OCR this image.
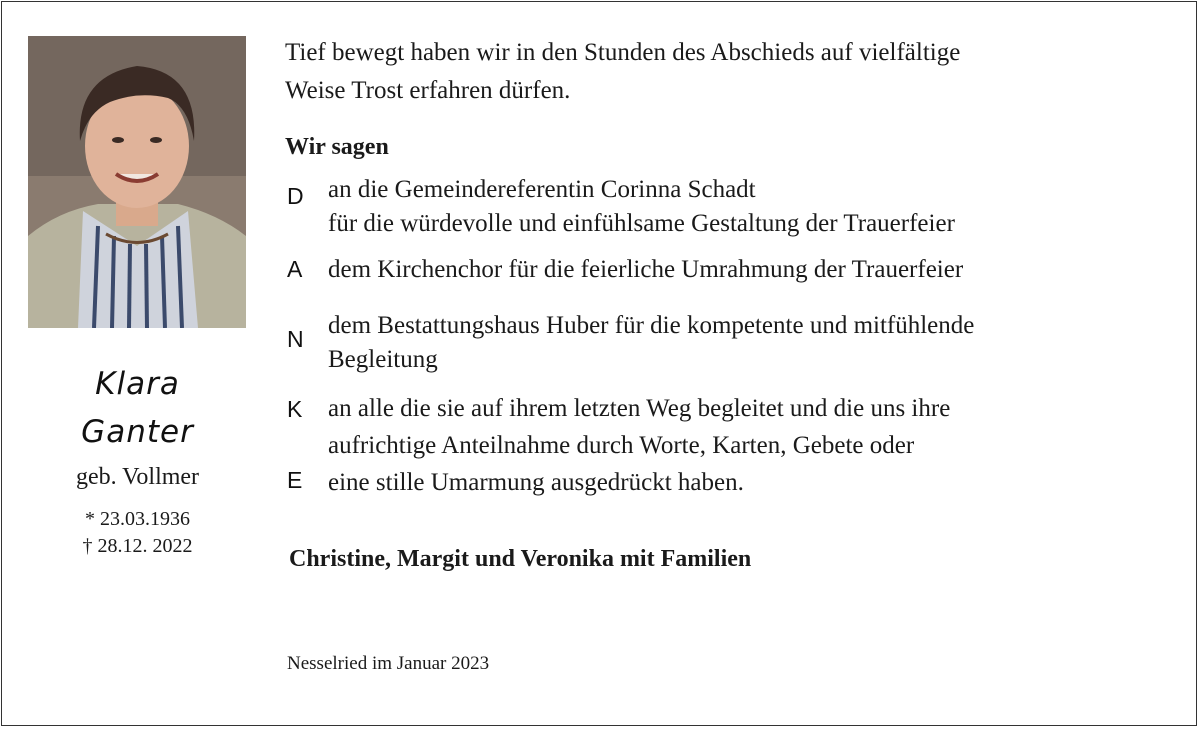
Klara
Ganter
geb. Vollmer
* 23.03.1936
† 28.12. 2022
Tief bewegt haben wir in den Stunden des Abschieds auf vielfältige
Weise Trost erfahren dürfen.
Wir sagen
D
A
N
K
E
an die Gemeindereferentin Corinna Schadt
für die würdevolle und einfühlsame Gestaltung der Trauerfeier
dem Kirchenchor für die feierliche Umrahmung der Trauerfeier
dem Bestattungshaus Huber für die kompetente und mitfühlende
Begleitung
an alle die sie auf ihrem letzten Weg begleitet und die uns ihre
aufrichtige Anteilnahme durch Worte, Karten, Gebete oder
eine stille Umarmung ausgedrückt haben.
Christine, Margit und Veronika mit Familien
Nesselried im Januar 2023
